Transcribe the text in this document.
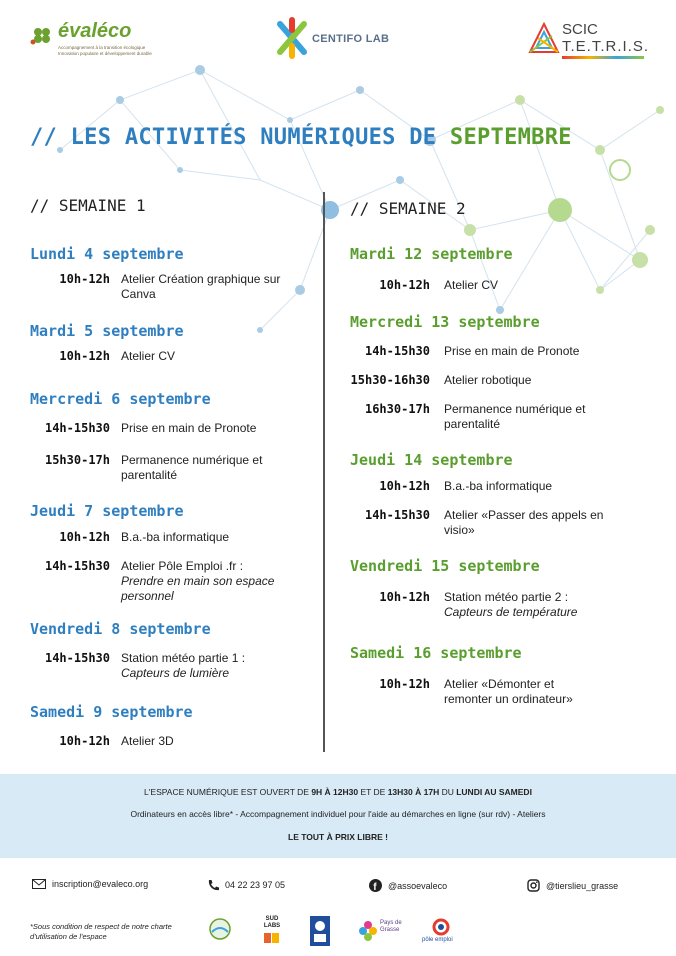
évaléco
Accompagnement à la transition écologique Innovation populaire et développement durable
CENTIFO LAB
SCIC
T.E.T.R.I.S.
// LES ACTIVITÉS NUMÉRIQUES DE SEPTEMBRE
// SEMAINE 1
Lundi 4 septembre
10h-12h Atelier Création graphique sur Canva
Mardi 5 septembre
10h-12h Atelier CV
Mercredi 6 septembre
14h-15h30 Prise en main de Pronote
15h30-17h Permanence numérique et parentalité
Jeudi 7 septembre
10h-12h B.a.-ba informatique
14h-15h30 Atelier Pôle Emploi .fr :
Prendre en main son espace personnel
Vendredi 8 septembre
14h-15h30 Station météo partie 1 :
Capteurs de lumière
Samedi 9 septembre
10h-12h Atelier 3D
// SEMAINE 2
Mardi 12 septembre
10h-12h Atelier CV
Mercredi 13 septembre
14h-15h30 Prise en main de Pronote
15h30-16h30 Atelier robotique
16h30-17h Permanence numérique et parentalité
Jeudi 14 septembre
10h-12h B.a.-ba informatique
14h-15h30 Atelier «Passer des appels en visio»
Vendredi 15 septembre
10h-12h Station météo partie 2 :
Capteurs de température
Samedi 16 septembre
10h-12h Atelier «Démonter et remonter un ordinateur»
L'ESPACE NUMÉRIQUE EST OUVERT DE 9H À 12H30 ET DE 13H30 À 17H DU LUNDI AU SAMEDI
Ordinateurs en accès libre* - Accompagnement individuel pour l'aide au démarches en ligne (sur rdv) - Ateliers
LE TOUT À PRIX LIBRE !
inscription@evaleco.org	04 22 23 97 05	f @assoevaleco	@tierslieu_grasse
*Sous condition de respect de notre charte d'utilisation de l'espace
SUD LABS	Pays de Grasse
pôle emploi
